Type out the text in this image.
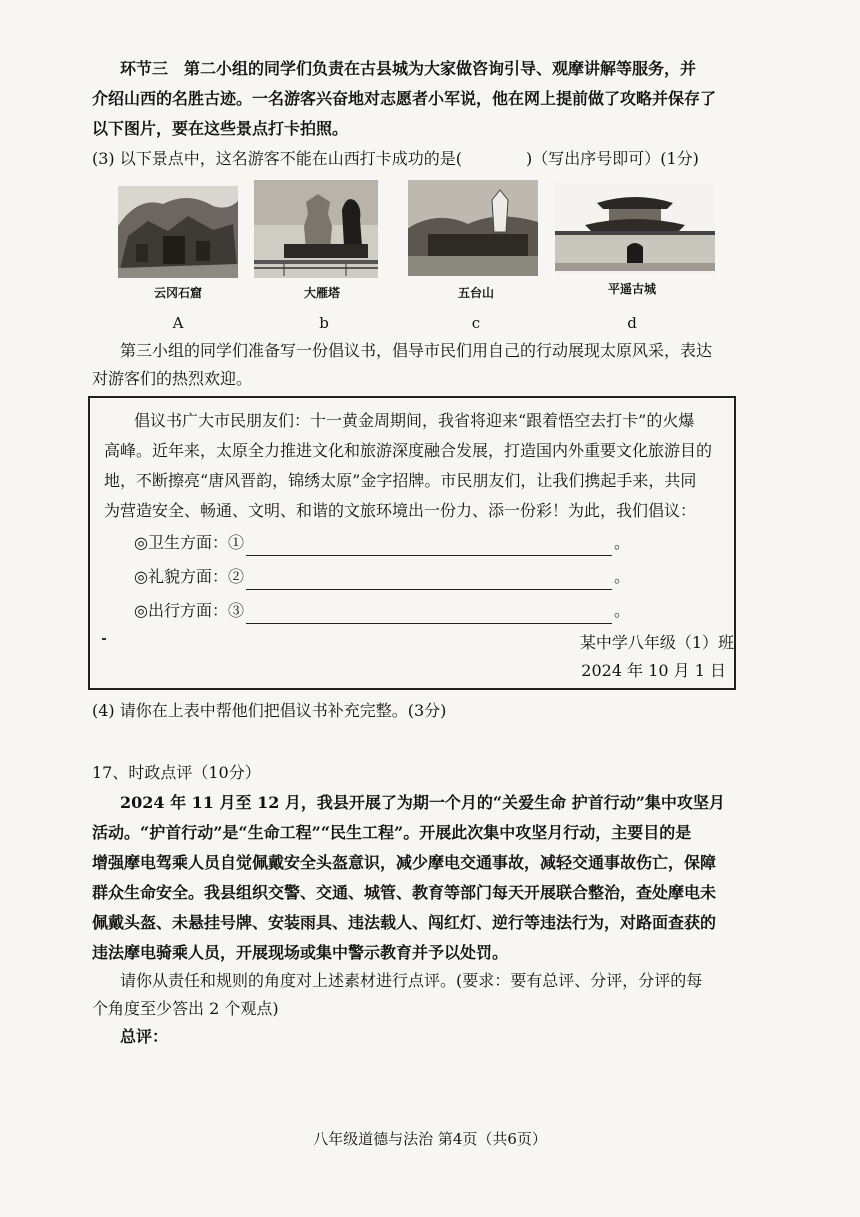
环节三　第二小组的同学们负责在古县城为大家做咨询引导、观摩讲解等服务，并
介绍山西的名胜古迹。一名游客兴奋地对志愿者小军说，他在网上提前做了攻略并保存了
以下图片，要在这些景点打卡拍照。
(3) 以下景点中，这名游客不能在山西打卡成功的是(　　　　)（写出序号即可）(1分)
云冈石窟	大雁塔	五台山	平遥古城
A	b	c	d
第三小组的同学们准备写一份倡议书，倡导市民们用自己的行动展现太原风采，表达
对游客们的热烈欢迎。
倡议书广大市民朋友们：十一黄金周期间，我省将迎来“跟着悟空去打卡”的火爆
高峰。近年来，太原全力推进文化和旅游深度融合发展，打造国内外重要文化旅游目的
地，不断擦亮“唐风晋韵，锦绣太原”金字招牌。市民朋友们，让我们携起手来，共同
为营造安全、畅通、文明、和谐的文旅环境出一份力、添一份彩！为此，我们倡议：
◎卫生方面：①	。
◎礼貌方面：②	。
◎出行方面：③	。
某中学八年级（1）班
2024 年 10 月 1 日
(4) 请你在上表中帮他们把倡议书补充完整。(3分)
17、时政点评（10分）
2024 年 11 月至 12 月，我县开展了为期一个月的“关爱生命 护首行动”集中攻坚月
活动。“护首行动”是“生命工程”“民生工程”。开展此次集中攻坚月行动，主要目的是
增强摩电驾乘人员自觉佩戴安全头盔意识，减少摩电交通事故，减轻交通事故伤亡，保障
群众生命安全。我县组织交警、交通、城管、教育等部门每天开展联合整治，查处摩电未
佩戴头盔、未悬挂号牌、安装雨具、违法载人、闯红灯、逆行等违法行为，对路面查获的
违法摩电骑乘人员，开展现场或集中警示教育并予以处罚。
请你从责任和规则的角度对上述素材进行点评。(要求：要有总评、分评，分评的每
个角度至少答出 2 个观点)
总评：
八年级道德与法治 第4页（共6页）
